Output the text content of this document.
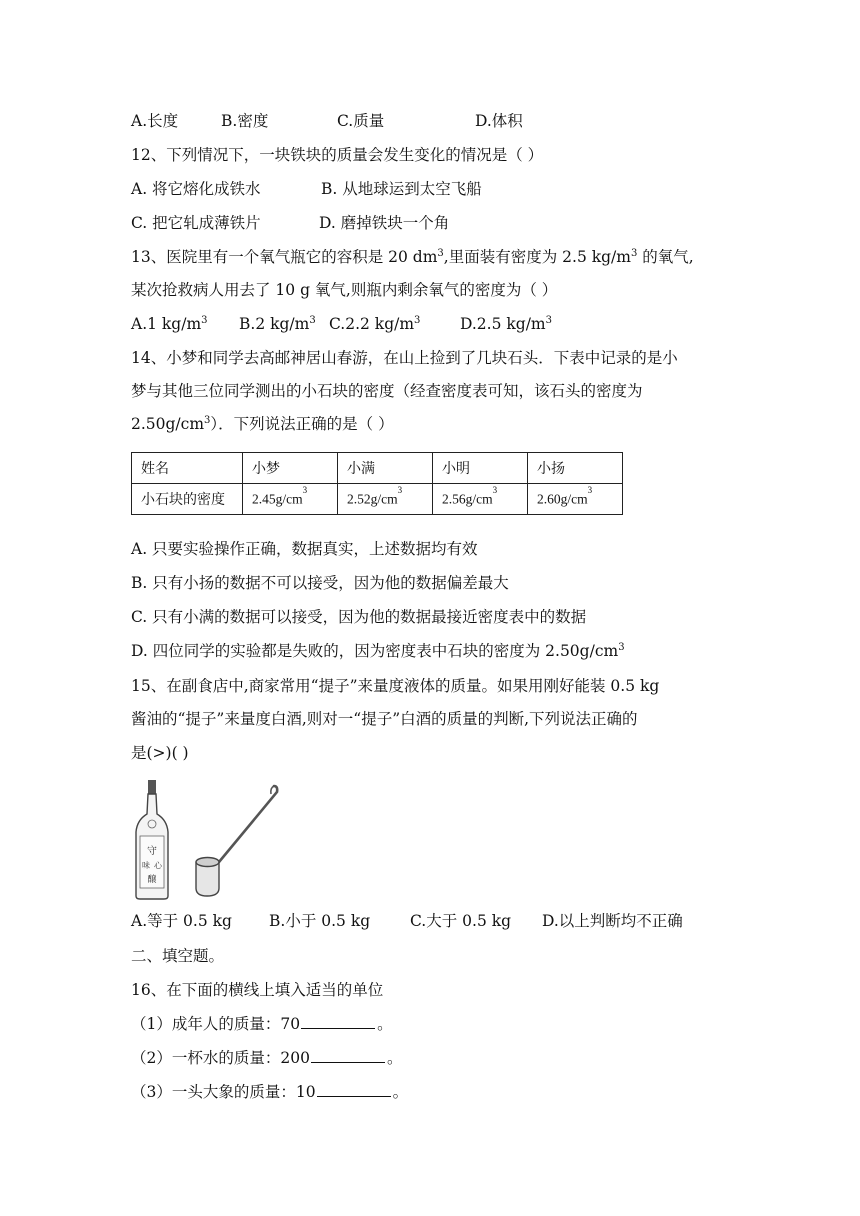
A.长度	B.密度	C.质量	D.体积
12、下列情况下，一块铁块的质量会发生变化的情况是（ ）
A. 将它熔化成铁水	B. 从地球运到太空飞船
C. 把它轧成薄铁片	D. 磨掉铁块一个角
13、医院里有一个氧气瓶它的容积是 20 $dm^3$,里面装有密度为 2.5 $kg/m^3$ 的氧气,
某次抢救病人用去了 10 g 氧气,则瓶内剩余氧气的密度为（ ）
A.1 $kg/m^3$ B.2 $kg/m^3$ C.2.2 $kg/m^3$	D.2.5 $kg/m^3$
14、小梦和同学去高邮神居山春游，在山上捡到了几块石头．下表中记录的是小
梦与其他三位同学测出的小石块的密度（经查密度表可知，该石头的密度为
$2.50g/cm^3$）．下列说法正确的是（ ）
姓名	小梦	小满	小明	小扬
小石块的密度	$2.45g/cm^3$	$2.52g/cm^3$	$2.56g/cm^3$	$2.60g/cm^3$
A. 只要实验操作正确，数据真实，上述数据均有效
B. 只有小扬的数据不可以接受，因为他的数据偏差最大
C. 只有小满的数据可以接受，因为他的数据最接近密度表中的数据
D. 四位同学的实验都是失败的，因为密度表中石块的密度为 $2.50g/cm^3$
15、在副食店中,商家常用“提子”来量度液体的质量。如果用刚好能装 0.5 kg
酱油的“提子”来量度白酒,则对一“提子”白酒的质量的判断,下列说法正确的
是(>)( )
守
味 心
醸
A.等于 0.5 kg B.小于 0.5 kg	C.大于 0.5 kg D.以上判断均不正确
二、填空题。
16、在下面的横线上填入适当的单位
（1）成年人的质量：70	。
（2）一杯水的质量：200	。
（3）一头大象的质量：10	。
